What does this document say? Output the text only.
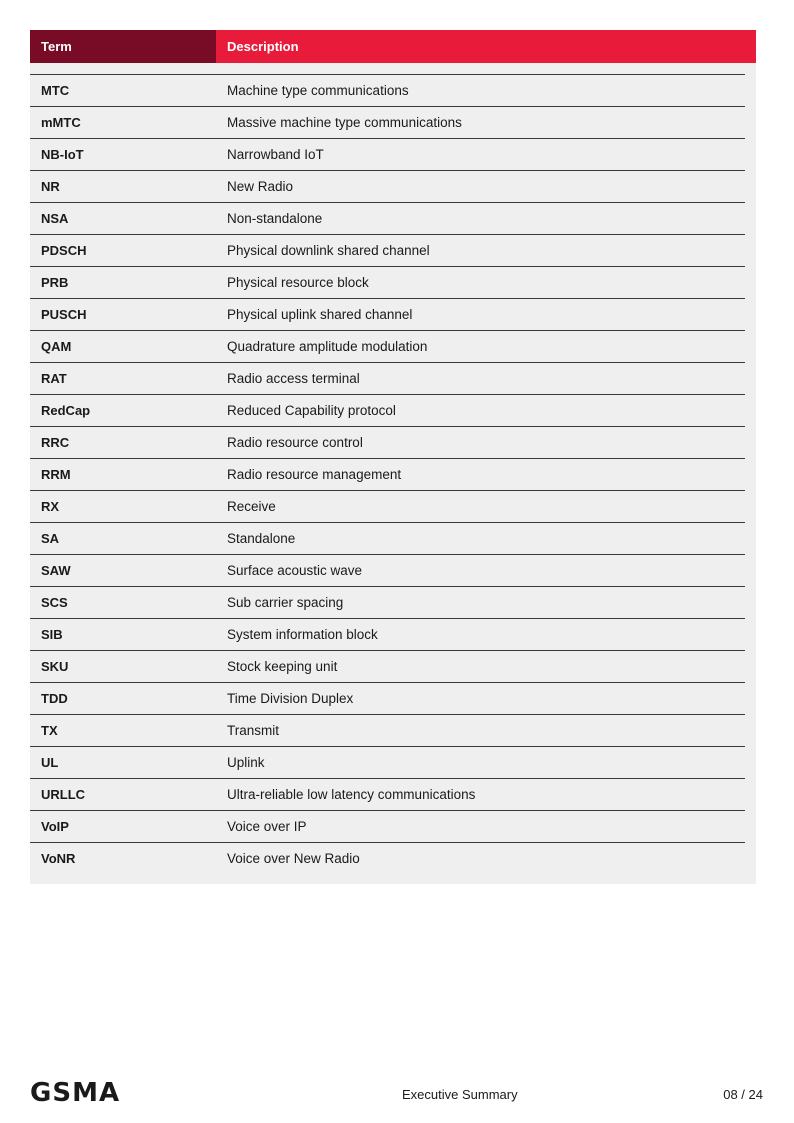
Term	Description
MTC	Machine type communications
mMTC	Massive machine type communications
NB-IoT	Narrowband IoT
NR	New Radio
NSA	Non-standalone
PDSCH	Physical downlink shared channel
PRB	Physical resource block
PUSCH	Physical uplink shared channel
QAM	Quadrature amplitude modulation
RAT	Radio access terminal
RedCap	Reduced Capability protocol
RRC	Radio resource control
RRM	Radio resource management
RX	Receive
SA	Standalone
SAW	Surface acoustic wave
SCS	Sub carrier spacing
SIB	System information block
SKU	Stock keeping unit
TDD	Time Division Duplex
TX	Transmit
UL	Uplink
URLLC	Ultra-reliable low latency communications
VoIP	Voice over IP
VoNR	Voice over New Radio
GSMA	Executive Summary	08 / 24
